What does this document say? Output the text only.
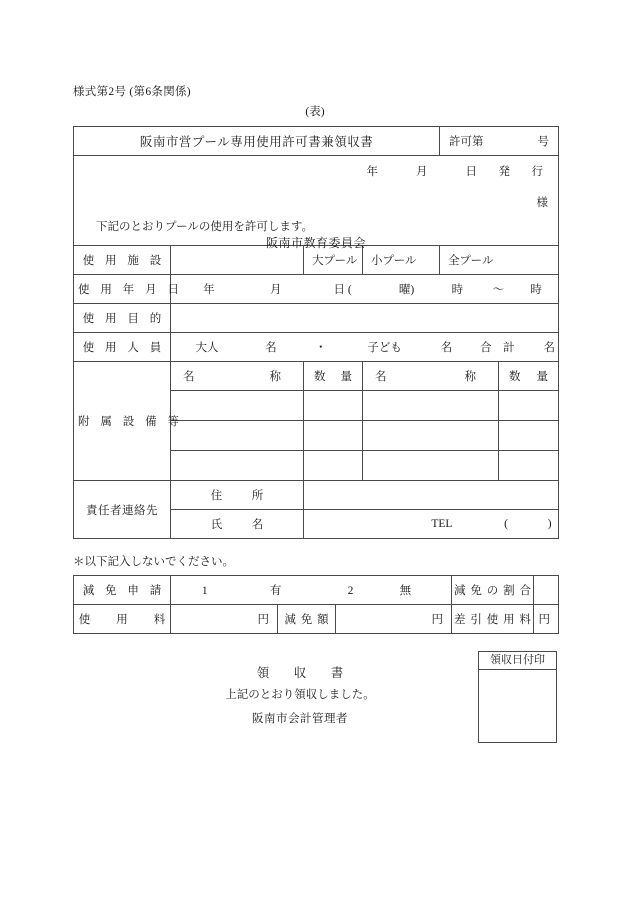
様式第2号 (第6条関係)
(表)
阪南市営プール専用使用許可書兼領収書				許可第 号	

年　　月　　日　発　行
様
下記のとおりプールの使用を許可します。
阪南市教育委員会					

使 用 施 設		大プール	小プール	全プール	
使 用 年 月 日	年 月 日 ( 曜) 時 ～ 時				
使 用 目 的					
使 用 人 員	大人 名 ・ 子ども 名 合　計 名				
附 属 設 備 等	名 称	数 量	名 称		数 量

責任者連絡先	住　所				
	氏　名	TEL ( )			
＊以下記入しないでください。
減 免 申 請	1 有 2 無			減 免 の 割 合	
使　　用　　料	円	減 免 額	円	差 引 使 用 料	円
領　収　書
上記のとおり領収しました。
阪南市会計管理者
領収日付印
